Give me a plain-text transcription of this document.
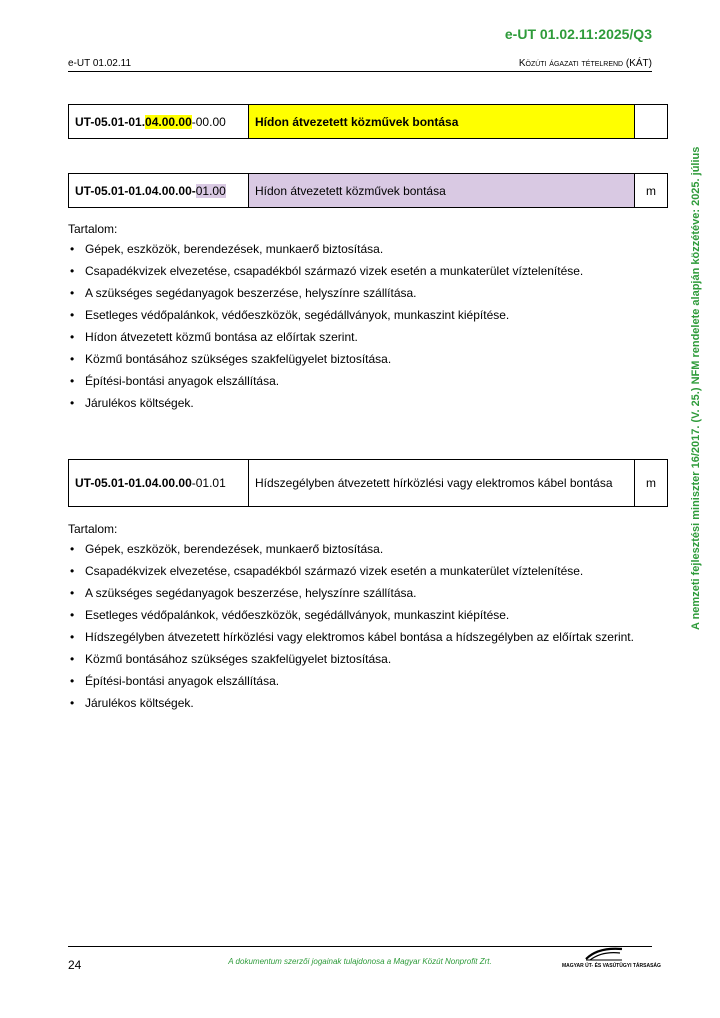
e-UT 01.02.11:2025/Q3
e-UT 01.02.11	Közúti ágazati tételrend (KÁT)
A nemzeti fejlesztési miniszter 16/2017. (V. 25.) NFM rendelete alapján közzétéve: 2025. július
UT-05.01-01.04.00.00-00.00	Hídon átvezetett közművek bontása	
UT-05.01-01.04.00.00-01.00	Hídon átvezetett közművek bontása	m
Tartalom:
• Gépek, eszközök, berendezések, munkaerő biztosítása.
• Csapadékvizek elvezetése, csapadékból származó vizek esetén a munkaterület víztelenítése.
• A szükséges segédanyagok beszerzése, helyszínre szállítása.
• Esetleges védőpalánkok, védőeszközök, segédállványok, munkaszint kiépítése.
• Hídon átvezetett közmű bontása az előírtak szerint.
• Közmű bontásához szükséges szakfelügyelet biztosítása.
• Építési-bontási anyagok elszállítása.
• Járulékos költségek.
UT-05.01-01.04.00.00-01.01	Hídszegélyben átvezetett hírközlési vagy elektromos kábel bontása	m
Tartalom:
• Gépek, eszközök, berendezések, munkaerő biztosítása.
• Csapadékvizek elvezetése, csapadékból származó vizek esetén a munkaterület víztelenítése.
• A szükséges segédanyagok beszerzése, helyszínre szállítása.
• Esetleges védőpalánkok, védőeszközök, segédállványok, munkaszint kiépítése.
• Hídszegélyben átvezetett hírközlési vagy elektromos kábel bontása a hídszegélyben az előírtak szerint.
• Közmű bontásához szükséges szakfelügyelet biztosítása.
• Építési-bontási anyagok elszállítása.
• Járulékos költségek.
24	A dokumentum szerzői jogainak tulajdonosa a Magyar Közút Nonprofit Zrt.	MAGYAR ÚT- ÉS VASÚTÜGYI TÁRSASÁG
